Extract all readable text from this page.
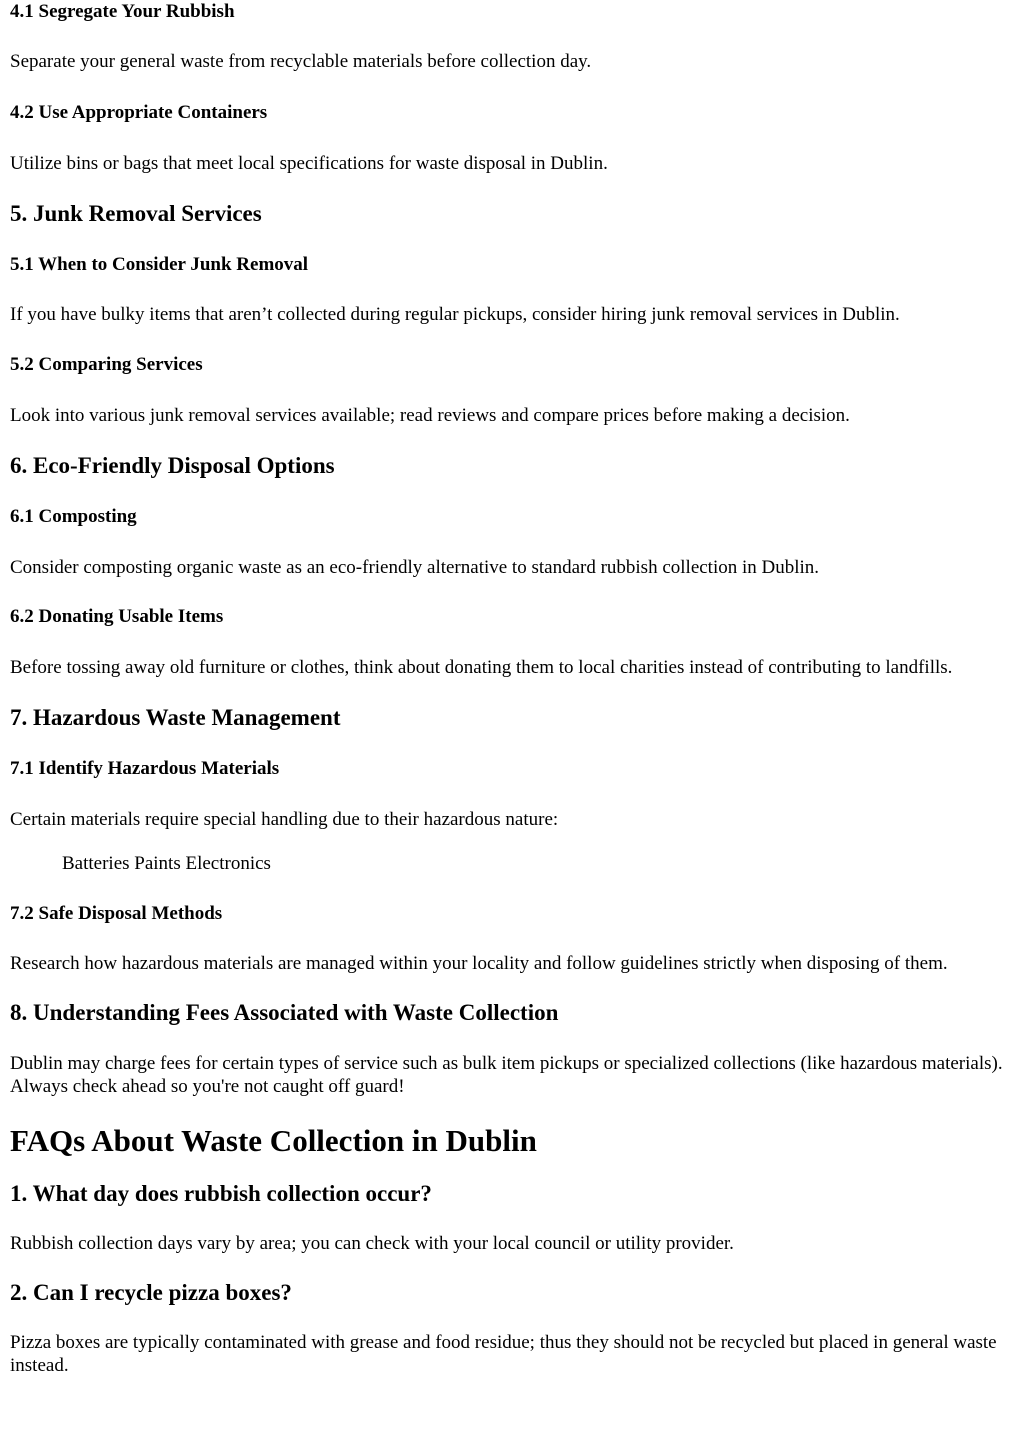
4.1 Segregate Your Rubbish

Separate your general waste from recyclable materials before collection day.

4.2 Use Appropriate Containers

Utilize bins or bags that meet local specifications for waste disposal in Dublin.

5. Junk Removal Services
5.1 When to Consider Junk Removal

If you have bulky items that aren’t collected during regular pickups, consider hiring junk removal services in Dublin.

5.2 Comparing Services

Look into various junk removal services available; read reviews and compare prices before making a decision.

6. Eco-Friendly Disposal Options
6.1 Composting

Consider composting organic waste as an eco-friendly alternative to standard rubbish collection in Dublin.

6.2 Donating Usable Items

Before tossing away old furniture or clothes, think about donating them to local charities instead of contributing to landfills.

7. Hazardous Waste Management
7.1 Identify Hazardous Materials

Certain materials require special handling due to their hazardous nature:

Batteries Paints Electronics
7.2 Safe Disposal Methods

Research how hazardous materials are managed within your locality and follow guidelines strictly when disposing of them.

8. Understanding Fees Associated with Waste Collection

Dublin may charge fees for certain types of service such as bulk item pickups or specialized collections (like hazardous materials). Always check ahead so you're not caught off guard!

FAQs About Waste Collection in Dublin
1. What day does rubbish collection occur?

Rubbish collection days vary by area; you can check with your local council or utility provider.

2. Can I recycle pizza boxes?

Pizza boxes are typically contaminated with grease and food residue; thus they should not be recycled but placed in general waste instead.
